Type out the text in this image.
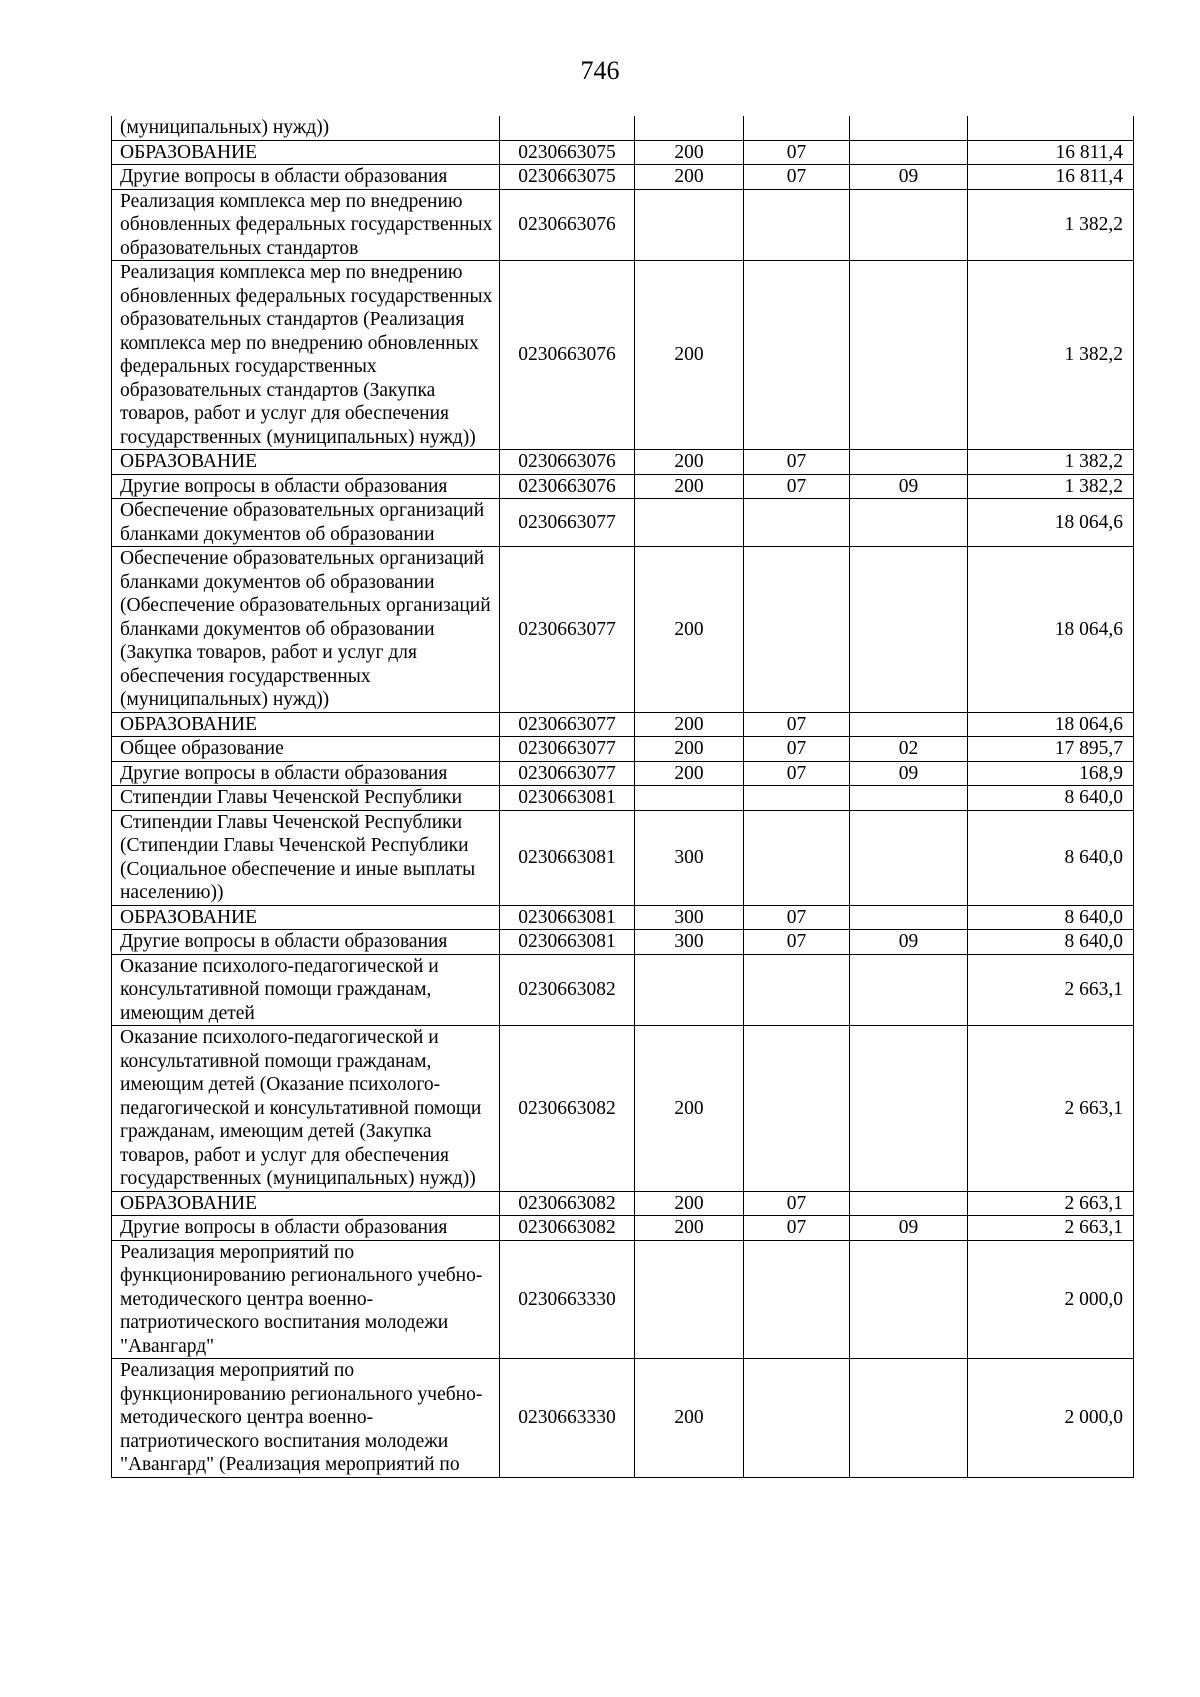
746
(муниципальных) нужд))					
ОБРАЗОВАНИЕ	0230663075	200	07		16 811,4
Другие вопросы в области образования	0230663075	200	07	09	16 811,4
Реализация комплекса мер по внедрению обновленных федеральных государственных образовательных стандартов	0230663076				1 382,2
Реализация комплекса мер по внедрению обновленных федеральных государственных образовательных стандартов (Реализация комплекса мер по внедрению обновленных федеральных государственных образовательных стандартов (Закупка товаров, работ и услуг для обеспечения государственных (муниципальных) нужд))	0230663076	200			1 382,2
ОБРАЗОВАНИЕ	0230663076	200	07		1 382,2
Другие вопросы в области образования	0230663076	200	07	09	1 382,2
Обеспечение образовательных организаций бланками документов об образовании	0230663077				18 064,6
Обеспечение образовательных организаций бланками документов об образовании (Обеспечение образовательных организаций бланками документов об образовании (Закупка товаров, работ и услуг для обеспечения государственных (муниципальных) нужд))	0230663077	200			18 064,6
ОБРАЗОВАНИЕ	0230663077	200	07		18 064,6
Общее образование	0230663077	200	07	02	17 895,7
Другие вопросы в области образования	0230663077	200	07	09	168,9
Стипендии Главы Чеченской Республики	0230663081				8 640,0
Стипендии Главы Чеченской Республики (Стипендии Главы Чеченской Республики (Социальное обеспечение и иные выплаты населению))	0230663081	300			8 640,0
ОБРАЗОВАНИЕ	0230663081	300	07		8 640,0
Другие вопросы в области образования	0230663081	300	07	09	8 640,0
Оказание психолого-педагогической и консультативной помощи гражданам, имеющим детей	0230663082				2 663,1
Оказание психолого-педагогической и консультативной помощи гражданам, имеющим детей (Оказание психолого-педагогической и консультативной помощи гражданам, имеющим детей (Закупка товаров, работ и услуг для обеспечения государственных (муниципальных) нужд))	0230663082	200			2 663,1
ОБРАЗОВАНИЕ	0230663082	200	07		2 663,1
Другие вопросы в области образования	0230663082	200	07	09	2 663,1
Реализация мероприятий по функционированию регионального учебно-методического центра военно-патриотического воспитания молодежи "Авангард"	0230663330				2 000,0
Реализация мероприятий по функционированию регионального учебно-методического центра военно-патриотического воспитания молодежи "Авангард" (Реализация мероприятий по	0230663330	200			2 000,0
